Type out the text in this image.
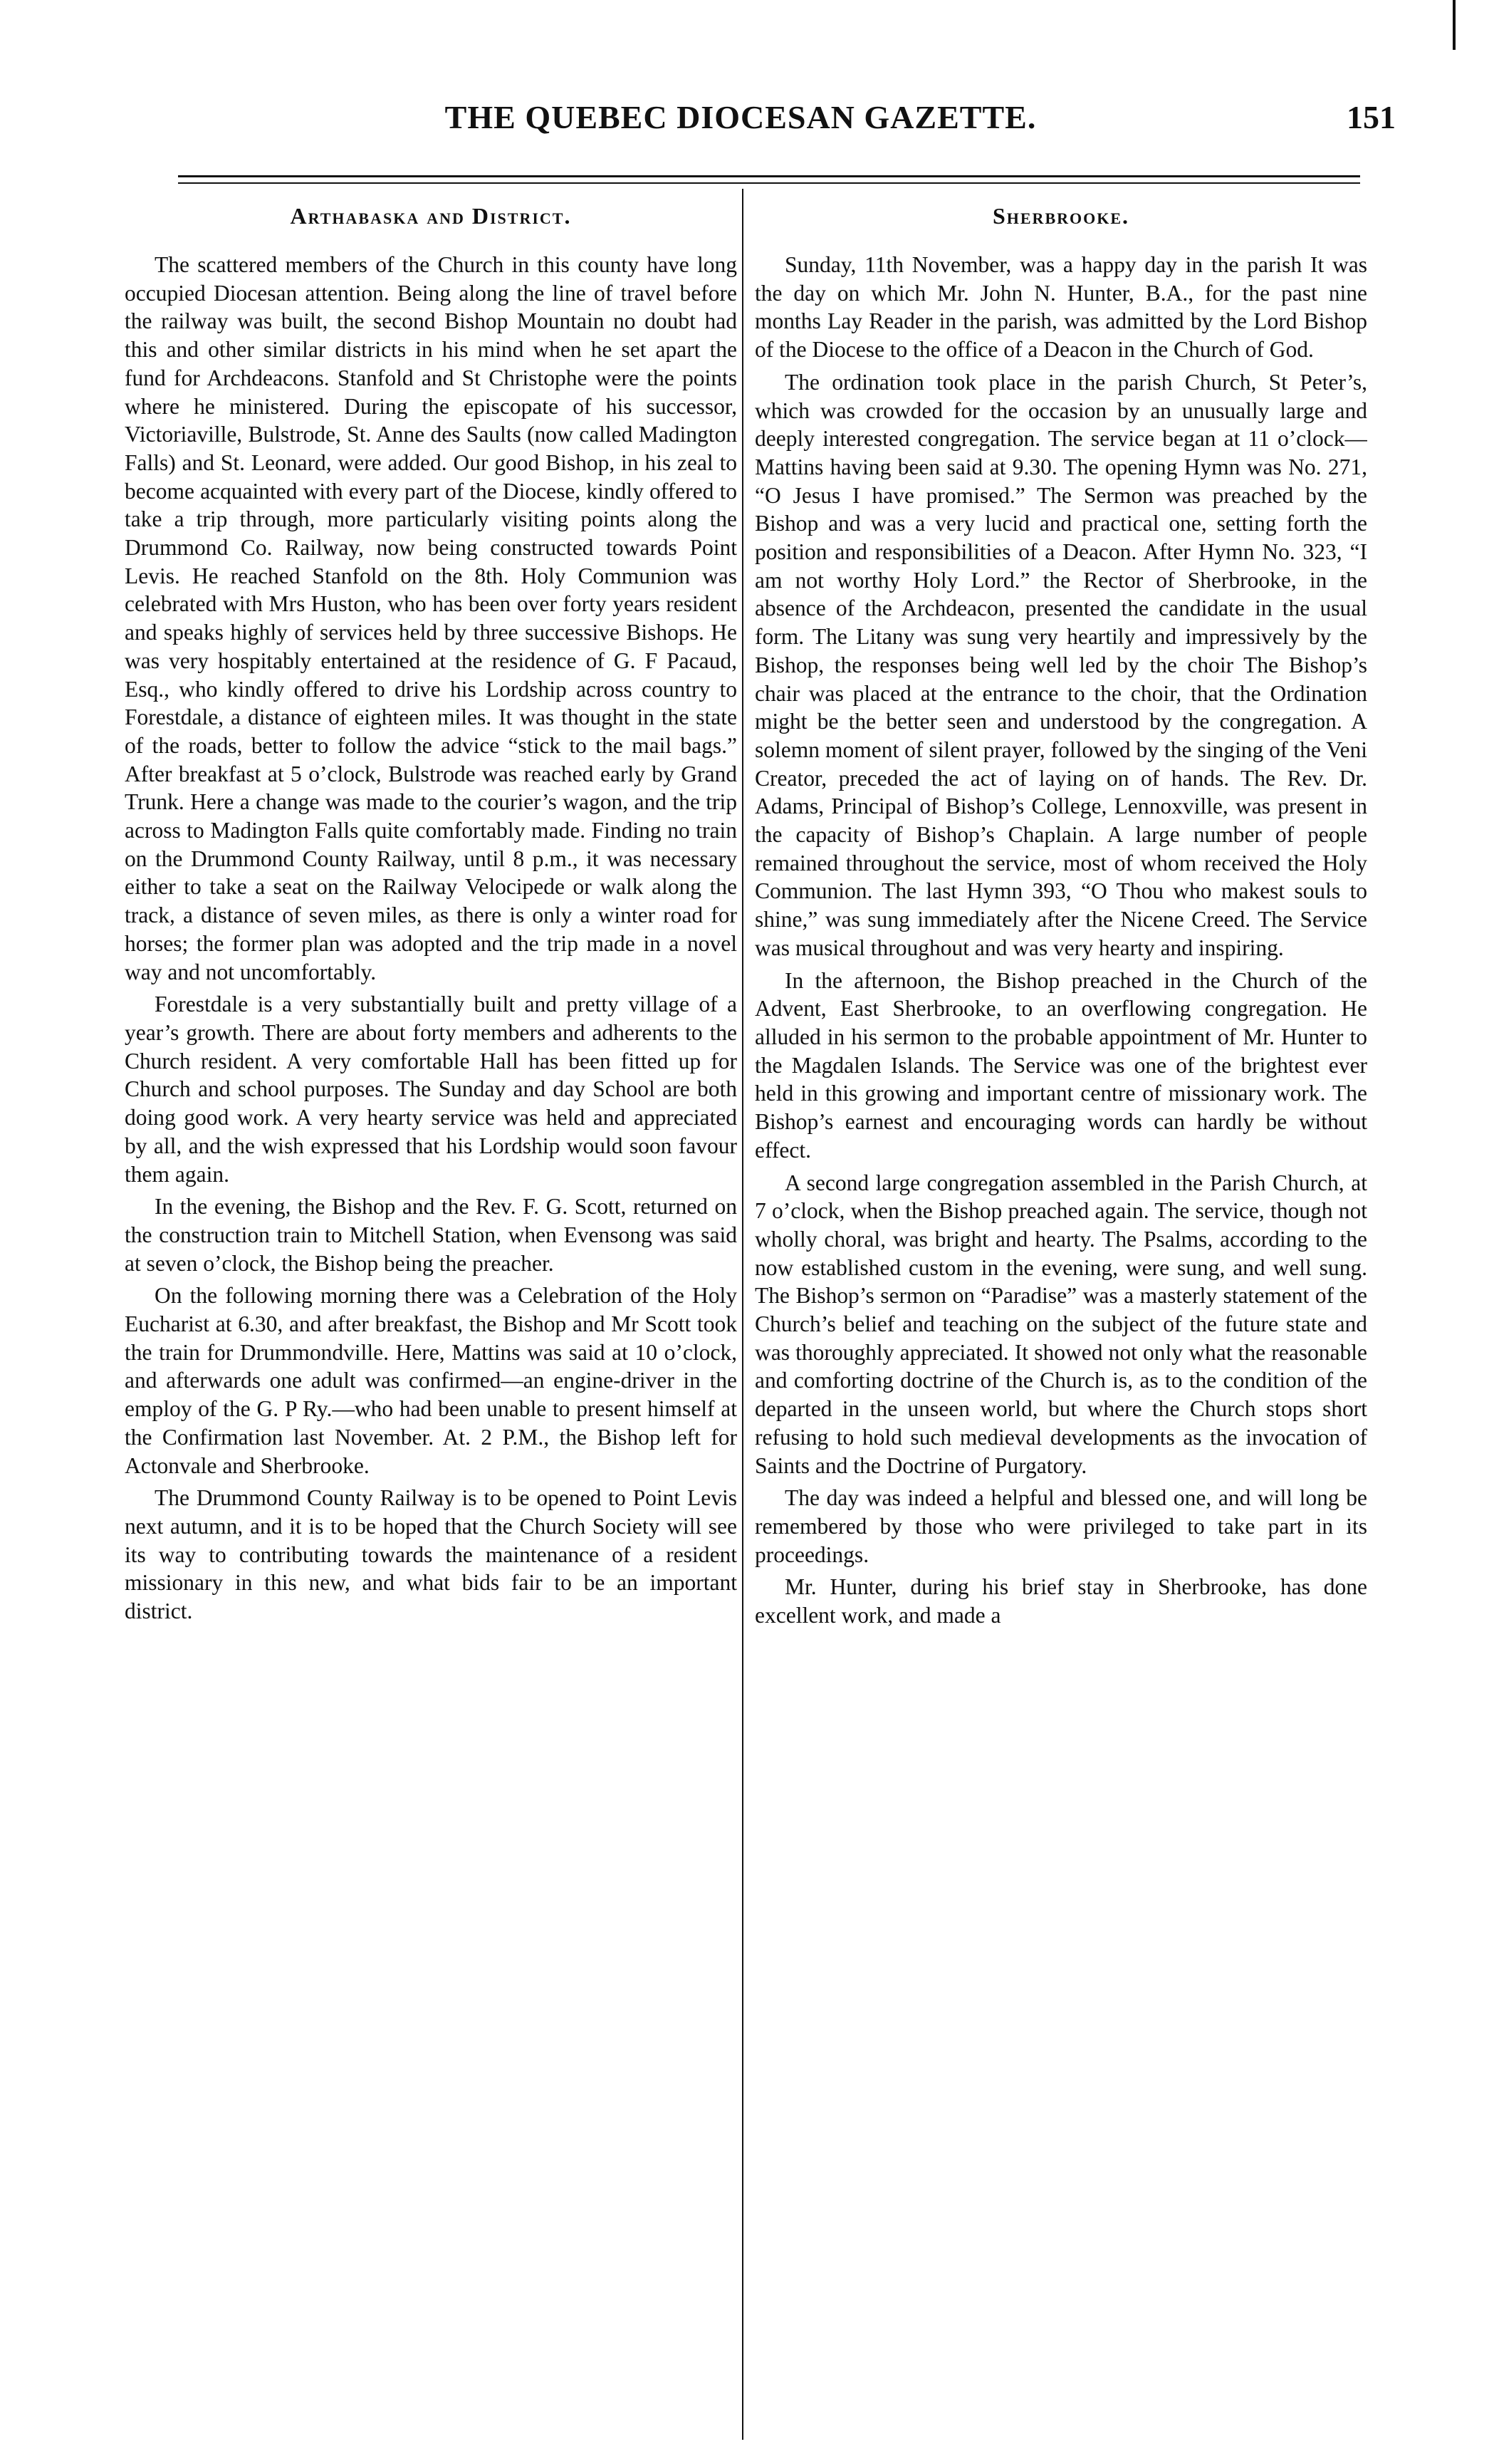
THE QUEBEC DIOCESAN GAZETTE.	151
Arthabaska and District.

The scattered members of the Church in this county have long occupied Diocesan attention. Being along the line of travel before the railway was built, the second Bishop Mountain no doubt had this and other similar districts in his mind when he set apart the fund for Archdeacons. Stanfold and St Christophe were the points where he ministered. During the episcopate of his successor, Victoriaville, Bulstrode, St. Anne des Saults (now called Madington Falls) and St. Leonard, were added. Our good Bishop, in his zeal to become acquainted with every part of the Diocese, kindly offered to take a trip through, more particularly visiting points along the Drummond Co. Railway, now being constructed towards Point Levis. He reached Stanfold on the 8th. Holy Communion was celebrated with Mrs Huston, who has been over forty years resident and speaks highly of services held by three successive Bishops. He was very hospitably entertained at the residence of G. F Pacaud, Esq., who kindly offered to drive his Lordship across country to Forestdale, a distance of eighteen miles. It was thought in the state of the roads, better to follow the advice “stick to the mail bags.” After breakfast at 5 o’clock, Bulstrode was reached early by Grand Trunk. Here a change was made to the courier’s wagon, and the trip across to Madington Falls quite comfortably made. Finding no train on the Drummond County Railway, until 8 p.m., it was necessary either to take a seat on the Railway Velocipede or walk along the track, a distance of seven miles, as there is only a winter road for horses; the former plan was adopted and the trip made in a novel way and not uncomfortably.

Forestdale is a very substantially built and pretty village of a year’s growth. There are about forty members and adherents to the Church resident. A very comfortable Hall has been fitted up for Church and school purposes. The Sunday and day School are both doing good work. A very hearty service was held and appreciated by all, and the wish expressed that his Lordship would soon favour them again.

In the evening, the Bishop and the Rev. F. G. Scott, returned on the construction train to Mitchell Station, when Evensong was said at seven o’clock, the Bishop being the preacher.

On the following morning there was a Celebration of the Holy Eucharist at 6.30, and after breakfast, the Bishop and Mr Scott took the train for Drummondville. Here, Mattins was said at 10 o’clock, and afterwards one adult was confirmed—an engine-driver in the employ of the G. P Ry.—who had been unable to present himself at the Confirmation last November. At. 2 P.M., the Bishop left for Actonvale and Sherbrooke.

The Drummond County Railway is to be opened to Point Levis next autumn, and it is to be hoped that the Church Society will see its way to contributing towards the maintenance of a resident missionary in this new, and what bids fair to be an important district.

Sherbrooke.

Sunday, 11th November, was a happy day in the parish It was the day on which Mr. John N. Hunter, B.A., for the past nine months Lay Reader in the parish, was admitted by the Lord Bishop of the Diocese to the office of a Deacon in the Church of God.

The ordination took place in the parish Church, St Peter’s, which was crowded for the occasion by an unusually large and deeply interested congregation. The service began at 11 o’clock—Mattins having been said at 9.30. The opening Hymn was No. 271, “O Jesus I have promised.” The Sermon was preached by the Bishop and was a very lucid and practical one, setting forth the position and responsibilities of a Deacon. After Hymn No. 323, “I am not worthy Holy Lord.” the Rector of Sherbrooke, in the absence of the Archdeacon, presented the candidate in the usual form. The Litany was sung very heartily and impressively by the Bishop, the responses being well led by the choir The Bishop’s chair was placed at the entrance to the choir, that the Ordination might be the better seen and understood by the congregation. A solemn moment of silent prayer, followed by the singing of the Veni Creator, preceded the act of laying on of hands. The Rev. Dr. Adams, Principal of Bishop’s College, Lennoxville, was present in the capacity of Bishop’s Chaplain. A large number of people remained throughout the service, most of whom received the Holy Communion. The last Hymn 393, “O Thou who makest souls to shine,” was sung immediately after the Nicene Creed. The Service was musical throughout and was very hearty and inspiring.

In the afternoon, the Bishop preached in the Church of the Advent, East Sherbrooke, to an overflowing congregation. He alluded in his sermon to the probable appointment of Mr. Hunter to the Magdalen Islands. The Service was one of the brightest ever held in this growing and important centre of missionary work. The Bishop’s earnest and encouraging words can hardly be without effect.

A second large congregation assembled in the Parish Church, at 7 o’clock, when the Bishop preached again. The service, though not wholly choral, was bright and hearty. The Psalms, according to the now established custom in the evening, were sung, and well sung. The Bishop’s sermon on “Paradise” was a masterly statement of the Church’s belief and teaching on the subject of the future state and was thoroughly appreciated. It showed not only what the reasonable and comforting doctrine of the Church is, as to the condition of the departed in the unseen world, but where the Church stops short refusing to hold such medieval developments as the invocation of Saints and the Doctrine of Purgatory.

The day was indeed a helpful and blessed one, and will long be remembered by those who were privileged to take part in its proceedings.

Mr. Hunter, during his brief stay in Sherbrooke, has done excellent work, and made a
